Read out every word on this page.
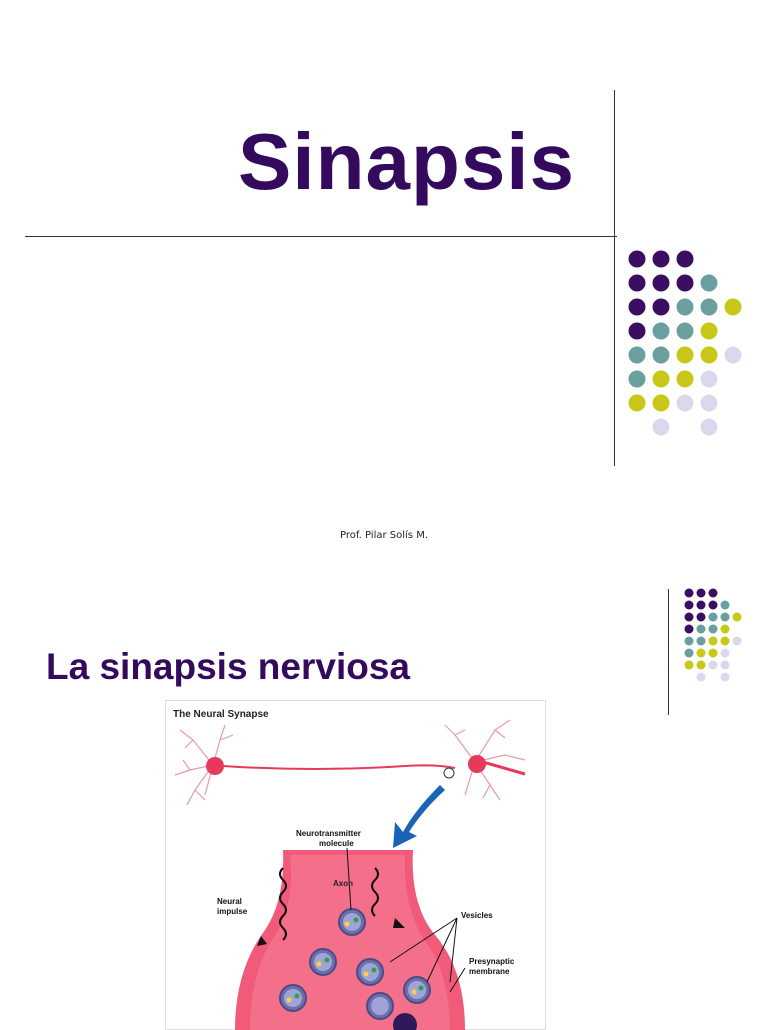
Sinapsis
Prof. Pilar Solís M.
La sinapsis nerviosa
The Neural Synapse
Neurotransmitter
molecule
Axon
Neural
impulse	Vesicles
Presynaptic
membrane
